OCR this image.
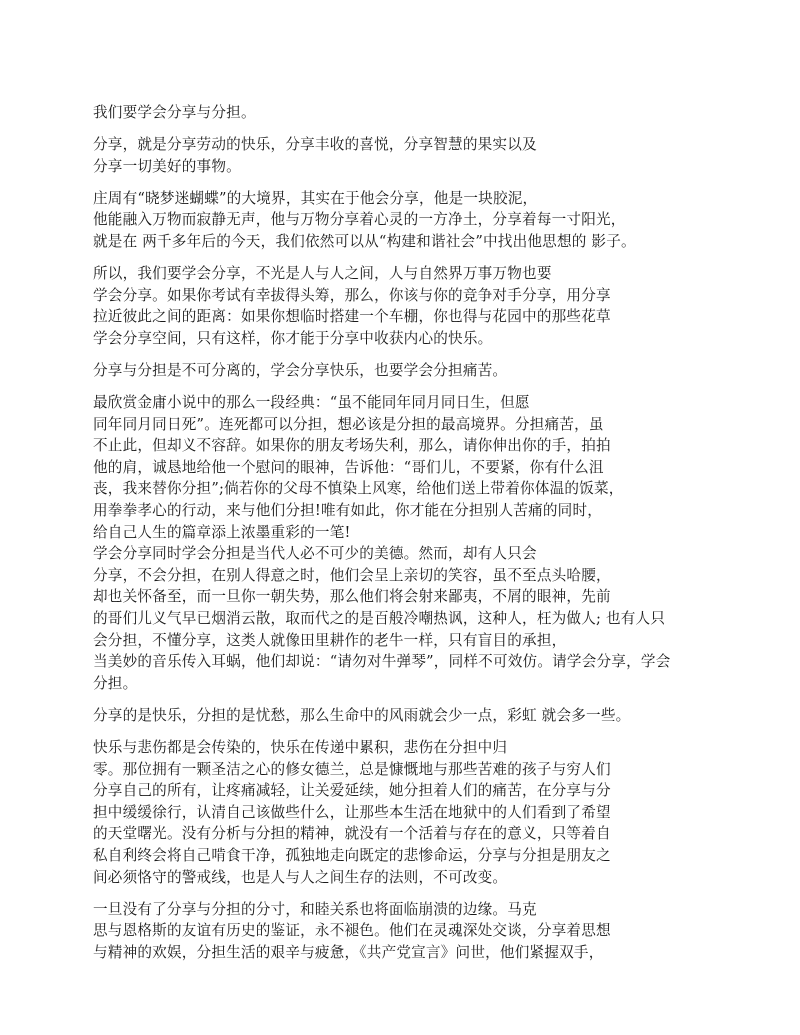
我们要学会分享与分担。
分享，就是分享劳动的快乐，分享丰收的喜悦，分享智慧的果实以及
分享一切美好的事物。
庄周有“晓梦迷蝴蝶”的大境界，其实在于他会分享，他是一块胶泥，
他能融入万物而寂静无声，他与万物分享着心灵的一方净土，分享着每一寸阳光，
就是在 两千多年后的今天，我们依然可以从“构建和谐社会”中找出他思想的 影子。
所以，我们要学会分享，不光是人与人之间，人与自然界万事万物也要
学会分享。如果你考试有幸拔得头筹，那么，你该与你的竞争对手分享，用分享
拉近彼此之间的距离：如果你想临时搭建一个车棚，你也得与花园中的那些花草
学会分享空间，只有这样，你才能于分享中收获内心的快乐。
分享与分担是不可分离的，学会分享快乐，也要学会分担痛苦。
最欣赏金庸小说中的那么一段经典：“虽不能同年同月同日生，但愿
同年同月同日死”。连死都可以分担，想必该是分担的最高境界。分担痛苦，虽
不止此，但却义不容辞。如果你的朋友考场失利，那么，请你伸出你的手，拍拍
他的肩，诚恳地给他一个慰问的眼神，告诉他：“哥们儿，不要紧，你有什么沮
丧，我来替你分担”;倘若你的父母不慎染上风寒，给他们送上带着你体温的饭菜，
用拳拳孝心的行动，来与他们分担!唯有如此，你才能在分担别人苦痛的同时，
给自己人生的篇章添上浓墨重彩的一笔!
学会分享同时学会分担是当代人必不可少的美德。然而，却有人只会
分享，不会分担，在别人得意之时，他们会呈上亲切的笑容，虽不至点头哈腰，
却也关怀备至，而一旦你一朝失势，那么他们将会射来鄙夷，不屑的眼神，先前
的哥们儿义气早已烟消云散，取而代之的是百般冷嘲热讽，这种人，枉为做人; 也有人只
会分担，不懂分享，这类人就像田里耕作的老牛一样，只有盲目的承担，
当美妙的音乐传入耳蜗，他们却说：“请勿对牛弹琴”，同样不可效仿。请学会分享，学会
分担。
分享的是快乐，分担的是忧愁，那么生命中的风雨就会少一点，彩虹 就会多一些。
快乐与悲伤都是会传染的，快乐在传递中累积，悲伤在分担中归
零。那位拥有一颗圣洁之心的修女德兰，总是慷慨地与那些苦难的孩子与穷人们
分享自己的所有，让疼痛减轻，让关爱延续，她分担着人们的痛苦，在分享与分
担中缓缓徐行，认清自己该做些什么，让那些本生活在地狱中的人们看到了希望
的天堂曙光。没有分析与分担的精神，就没有一个活着与存在的意义，只等着自
私自利终会将自己啃食干净，孤独地走向既定的悲惨命运，分享与分担是朋友之
间必须恪守的警戒线，也是人与人之间生存的法则，不可改变。
一旦没有了分享与分担的分寸，和睦关系也将面临崩溃的边缘。马克
思与恩格斯的友谊有历史的鉴证，永不褪色。他们在灵魂深处交谈，分享着思想
与精神的欢娱，分担生活的艰辛与疲惫，《共产党宣言》问世，他们紧握双手，
